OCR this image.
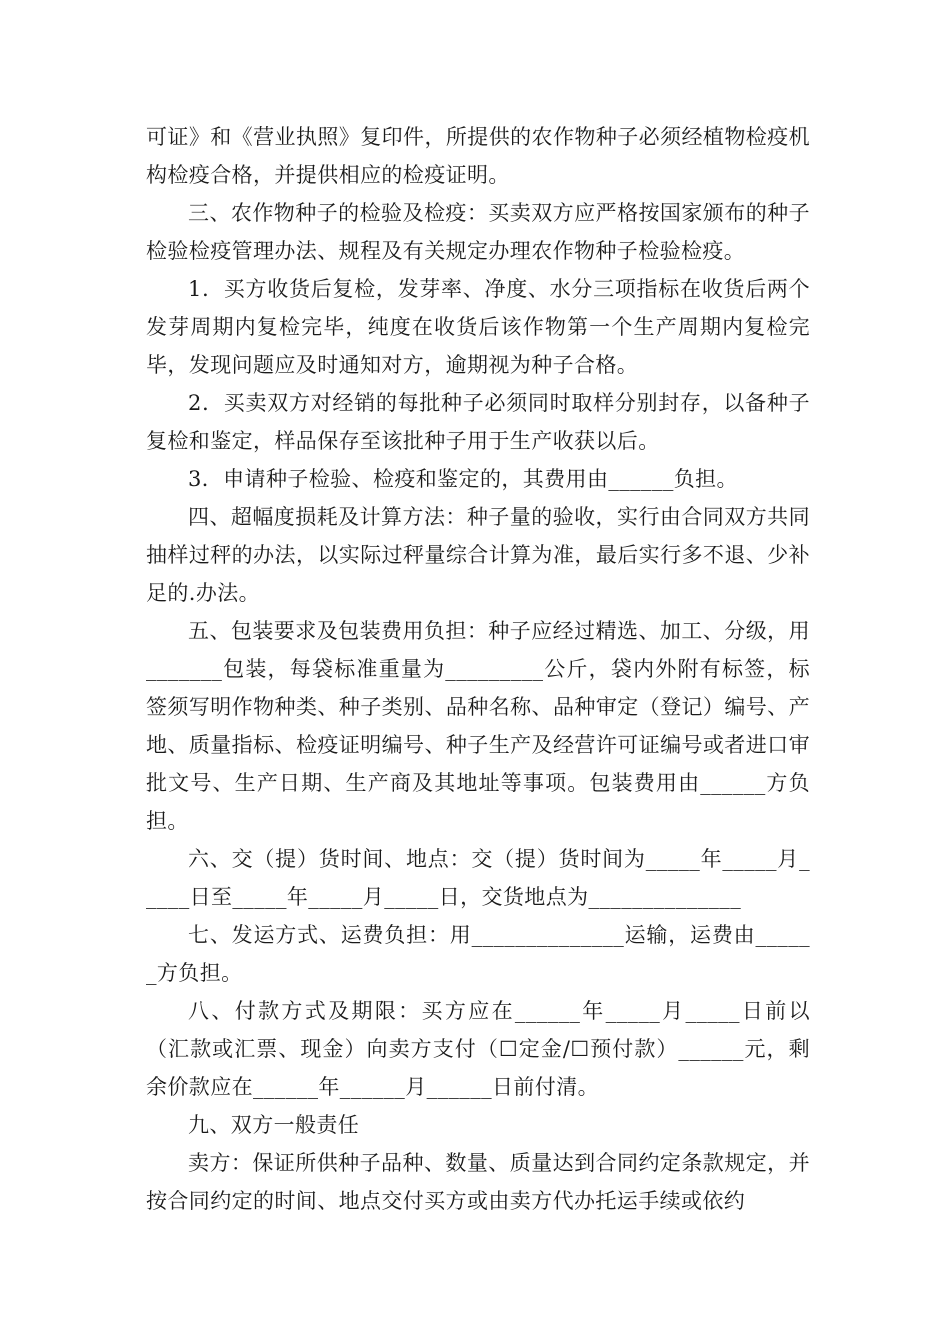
可证》和《营业执照》复印件，所提供的农作物种子必须经植物检疫机构检疫合格，并提供相应的检疫证明。

三、农作物种子的检验及检疫：买卖双方应严格按国家颁布的种子检验检疫管理办法、规程及有关规定办理农作物种子检验检疫。

1．买方收货后复检，发芽率、净度、水分三项指标在收货后两个发芽周期内复检完毕，纯度在收货后该作物第一个生产周期内复检完毕，发现问题应及时通知对方，逾期视为种子合格。

2．买卖双方对经销的每批种子必须同时取样分别封存，以备种子复检和鉴定，样品保存至该批种子用于生产收获以后。

3．申请种子检验、检疫和鉴定的，其费用由______负担。

四、超幅度损耗及计算方法：种子量的验收，实行由合同双方共同抽样过秤的办法，以实际过秤量综合计算为准，最后实行多不退、少补足的.办法。

五、包装要求及包装费用负担：种子应经过精选、加工、分级，用_______包装，每袋标准重量为_________公斤，袋内外附有标签，标签须写明作物种类、种子类别、品种名称、品种审定（登记）编号、产地、质量指标、检疫证明编号、种子生产及经营许可证编号或者进口审批文号、生产日期、生产商及其地址等事项。包装费用由______方负担。

六、交（提）货时间、地点：交（提）货时间为_____年_____月_____日至_____年_____月_____日，交货地点为______________

七、发运方式、运费负担：用______________运输，运费由______方负担。

八、付款方式及期限：买方应在______年_____月_____日前以（汇款或汇票、现金）向卖方支付（☐定金/☐预付款）______元，剩余价款应在______年______月______日前付清。

九、双方一般责任

卖方：保证所供种子品种、数量、质量达到合同约定条款规定，并按合同约定的时间、地点交付买方或由卖方代办托运手续或依约
